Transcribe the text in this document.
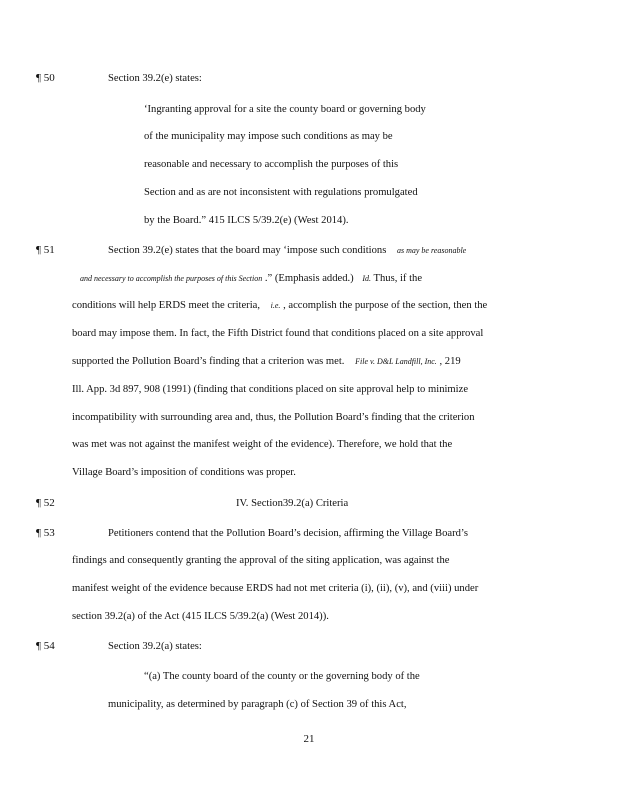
¶ 50	Section 39.2(e) states:
‘Ingranting approval for a site the county board or governing body
of the municipality may impose such conditions as may be
reasonable and necessary to accomplish the purposes of this
Section and as are not inconsistent with regulations promulgated
by the Board.” 415 ILCS 5/39.2(e) (West 2014).
¶ 51	Section 39.2(e) states that the board may ‘impose such conditions as may be reasonable
and necessary to accomplish the purposes of this Section .” (Emphasis added.) Id. Thus, if the
conditions will help ERDS meet the criteria, i.e. , accomplish the purpose of the section, then the
board may impose them. In fact, the Fifth District found that conditions placed on a site approval
supported the Pollution Board’s finding that a criterion was met. File v. D&L Landfill, Inc. , 219
Ill. App. 3d 897, 908 (1991) (finding that conditions placed on site approval help to minimize
incompatibility with surrounding area and, thus, the Pollution Board’s finding that the criterion
was met was not against the manifest weight of the evidence). Therefore, we hold that the
Village Board’s imposition of conditions was proper.
¶ 52	IV. Section39.2(a) Criteria
¶ 53	Petitioners contend that the Pollution Board’s decision, affirming the Village Board’s
findings and consequently granting the approval of the siting application, was against the
manifest weight of the evidence because ERDS had not met criteria (i), (ii), (v), and (viii) under
section 39.2(a) of the Act (415 ILCS 5/39.2(a) (West 2014)).
¶ 54	Section 39.2(a) states:
“(a) The county board of the county or the governing body of the
municipality, as determined by paragraph (c) of Section 39 of this Act,
21
